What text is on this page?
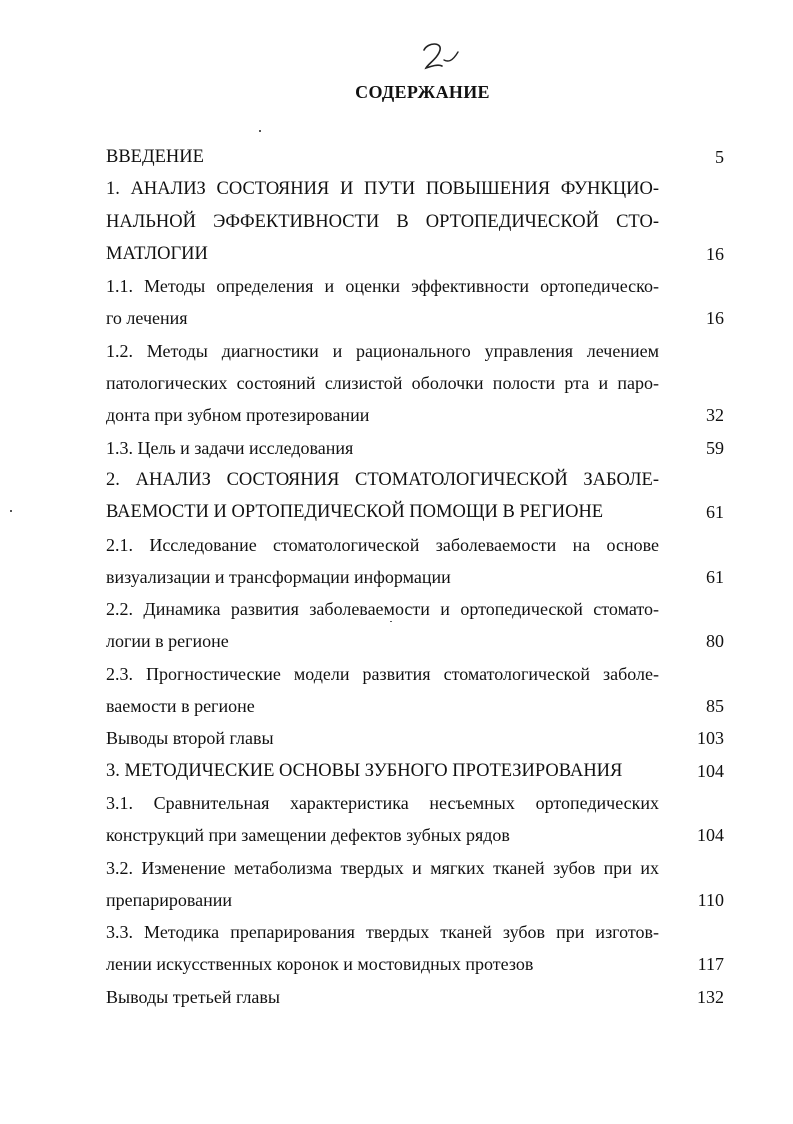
СОДЕРЖАНИЕ
ВВЕДЕНИЕ	5
1. АНАЛИЗ СОСТОЯНИЯ И ПУТИ ПОВЫШЕНИЯ ФУНКЦИО-
НАЛЬНОЙ ЭФФЕКТИВНОСТИ В ОРТОПЕДИЧЕСКОЙ СТО-
МАТЛОГИИ	16
1.1. Методы определения и оценки эффективности ортопедическо-
го лечения	16
1.2. Методы диагностики и рационального управления лечением
патологических состояний слизистой оболочки полости рта и паро-
донта при зубном протезировании	32
1.3. Цель и задачи исследования	59
2. АНАЛИЗ СОСТОЯНИЯ СТОМАТОЛОГИЧЕСКОЙ ЗАБОЛЕ-
ВАЕМОСТИ И ОРТОПЕДИЧЕСКОЙ ПОМОЩИ В РЕГИОНЕ	61
2.1. Исследование стоматологической заболеваемости на основе
визуализации и трансформации информации	61
2.2. Динамика развития заболеваемости и ортопедической стомато-
логии в регионе	80
2.3. Прогностические модели развития стоматологической заболе-
ваемости в регионе	85
Выводы второй главы	103
3. МЕТОДИЧЕСКИЕ ОСНОВЫ ЗУБНОГО ПРОТЕЗИРОВАНИЯ	104
3.1. Сравнительная характеристика несъемных ортопедических
конструкций при замещении дефектов зубных рядов	104
3.2. Изменение метаболизма твердых и мягких тканей зубов при их
препарировании	110
3.3. Методика препарирования твердых тканей зубов при изготов-
лении искусственных коронок и мостовидных протезов	117
Выводы третьей главы	132
